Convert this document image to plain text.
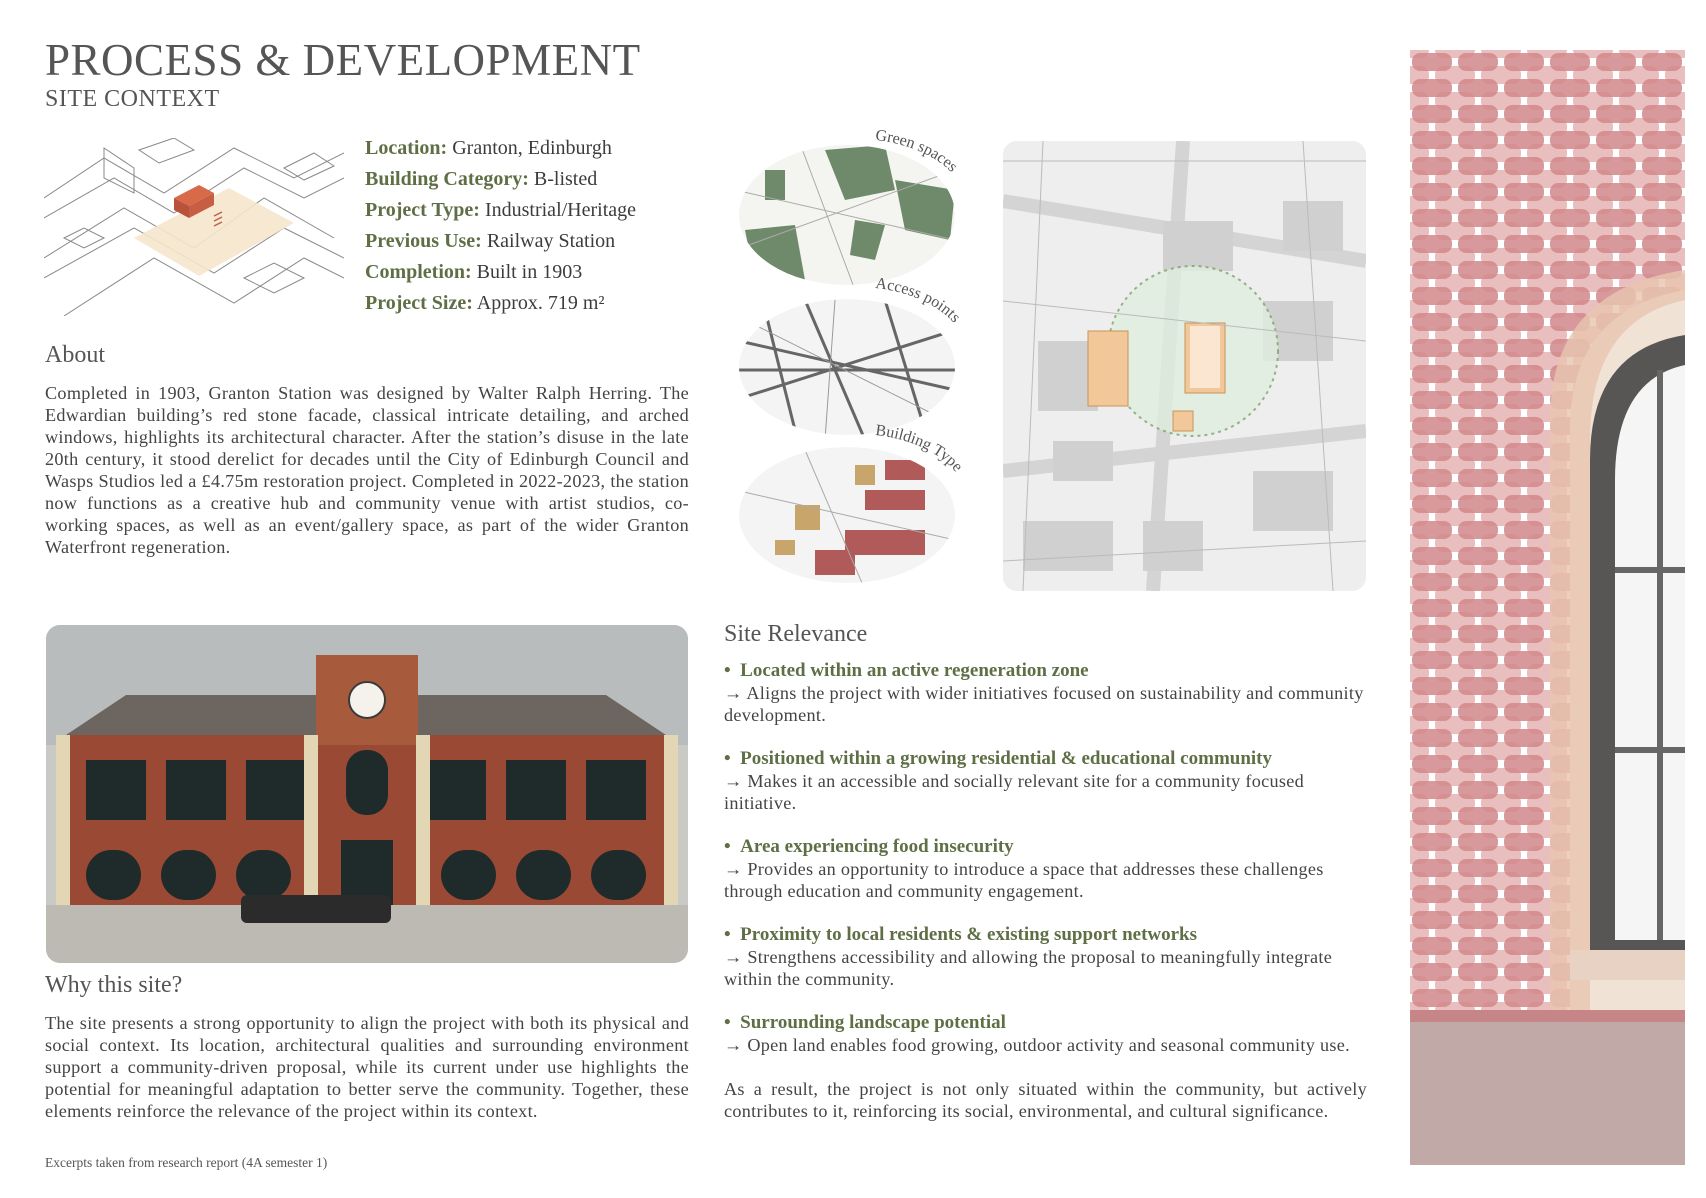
PROCESS & DEVELOPMENT
SITE CONTEXT
Location: Granton, Edinburgh
Building Category: B-listed
Project Type: Industrial/Heritage
Previous Use: Railway Station
Completion: Built in 1903
Project Size: Approx. 719 m²
About
Completed in 1903, Granton Station was designed by Walter Ralph Herring. The Edwardian building’s red stone facade, classical intricate detailing, and arched windows, highlights its architectural character. After the station’s disuse in the late 20th century, it stood derelict for decades until the City of Edinburgh Council and Wasps Studios led a £4.75m restoration project. Completed in 2022-2023, the station now functions as a creative hub and community venue with artist studios, co-working spaces, as well as an event/gallery space, as part of the wider Granton Waterfront regeneration.
Green spaces
Access points
Building Type
Why this site?
The site presents a strong opportunity to align the project with both its physical and social context. Its location, architectural qualities and surrounding environment support a community-driven proposal, while its current under use highlights the potential for meaningful adaptation to better serve the community. Together, these elements reinforce the relevance of the project within its context.
Excerpts taken from research report (4A semester 1)
Site Relevance
•  Located within an active regeneration zone
→ Aligns the project with wider initiatives focused on sustainability and community development.
•  Positioned within a growing residential & educational community
→ Makes it an accessible and socially relevant site for a community focused initiative.
•  Area experiencing food insecurity
→ Provides an opportunity to introduce a space that addresses these challenges through education and community engagement.
•  Proximity to local residents & existing support networks
→ Strengthens accessibility and allowing the proposal to meaningfully integrate within the community.
•  Surrounding landscape potential
→ Open land enables food growing, outdoor activity and seasonal community use.
As a result, the project is not only situated within the community, but actively contributes to it, reinforcing its social, environmental, and cultural significance.
